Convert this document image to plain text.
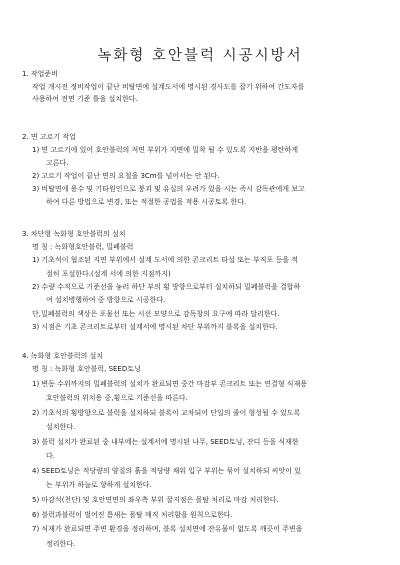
녹화형 호안블럭 시공시방서
1. 작업준비
작업 개시전 정비작업이 끝난 비탈면에 설계도서에 명시된 경사도를 잡기 위하여 간도자를
사용하여 전면 기준 틀을 설치한다.
2. 면 고르기 작업
1) 면 고르기에 있어 호안블럭의 저면 부위가 지면에 밀착 될 수 있도록 지반을 평탄하게
고른다.
2) 고르기 작업이 끝난 면의 요철을 3Cm를 넘어서는 안 된다.
3) 비탈면에 용수 및 기타원인으로 붕괴 및 유실의 우려가 있을 시는 즉시 감독관에게 보고
하여 다른 방법으로 변경, 또는 적절한 공법을 적용 시공토록 한다.
3. 차단형 녹화형 호안블럭의 설치
명 칭 : 녹화형호안블럭, 밀폐블럭
1) 기초석이 협조된 지면 부위에서 설계 도서에 의한 콘크리트 타설 또는 부직포 등을 적
절히 포설한다.(설계 서에 의한 지점까지)
2) 수량 수직으로 기준선을 놓러 하단 부의 횡 방향으로부터 설치하되 밀폐블럭을 결합하
여 설치병행하여 중 방향으로 시공한다.
단,밀폐블럭의 색상은 포물선 또는 시선 모양으로 감독창의 요구에 따라 달리한다.
3) 시점은 기초 콘크리트로부터 설계서에 명시된 차단 부위까지 블록을 설치한다.
4. 녹화형 호안블럭의 설치
명 칭 : 녹화형 호안블럭, SEED토닝
1) 변동 수위까지의 밀폐블럭의 설치가 완료되면 중간 마감부 콘크리트 또는 연결형 식재용
호안블럭의 위치용 중,횡으로 기준선을 따른다.
2) 기초석의 횡방향으로 블럭을 설치하되 블록이 교차되어 단일의 줄이 형성될 수 있도록
설치한다.
3) 블럭 설치가 완료된 중 내부에는 설계서에 명시된 나무, SEED토닝, 잔디 등을 식재한
다.
4) SEED토닝은 적당량의 양질의 흙을 적당량 채워 입구 부위는 묶어 설치하되 씨앗이 있
는 부위가 하늘로 향하게 설치한다.
5) 마감석(천단) 및 호안면면의 좌우측 부위 꿀지점은 몰탈 처리로 마감 처리한다.
6) 블럭과블럭이 벌어진 틈새는 몰탈 매직 처리함을 원칙으로한다.
7) 식재가 완료되면 주변 환경을 정리하며, 블록 설치면에 잔유물이 없도록 깨끗이 주변을
정리한다.
